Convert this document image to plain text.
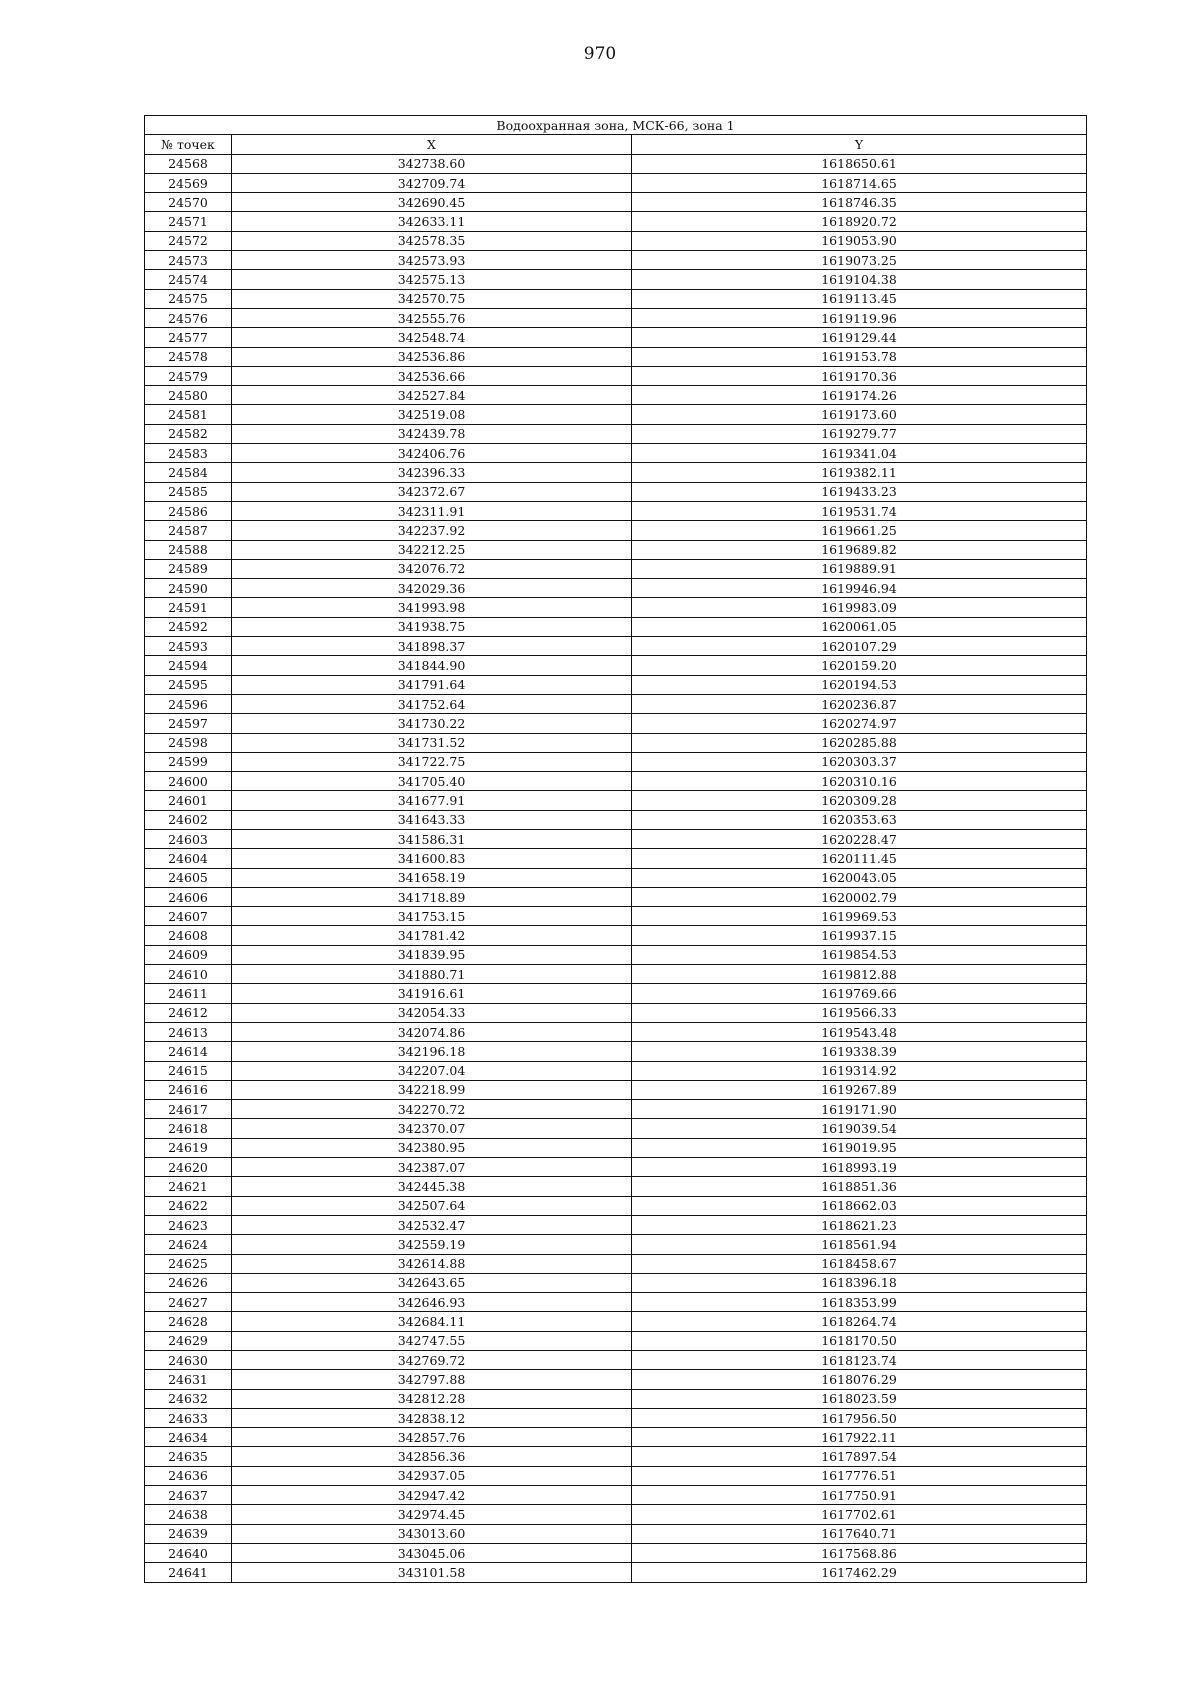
970
Водоохранная зона, МСК-66, зона 1		
№ точек	X	Y
24568	342738.60	1618650.61
24569	342709.74	1618714.65
24570	342690.45	1618746.35
24571	342633.11	1618920.72
24572	342578.35	1619053.90
24573	342573.93	1619073.25
24574	342575.13	1619104.38
24575	342570.75	1619113.45
24576	342555.76	1619119.96
24577	342548.74	1619129.44
24578	342536.86	1619153.78
24579	342536.66	1619170.36
24580	342527.84	1619174.26
24581	342519.08	1619173.60
24582	342439.78	1619279.77
24583	342406.76	1619341.04
24584	342396.33	1619382.11
24585	342372.67	1619433.23
24586	342311.91	1619531.74
24587	342237.92	1619661.25
24588	342212.25	1619689.82
24589	342076.72	1619889.91
24590	342029.36	1619946.94
24591	341993.98	1619983.09
24592	341938.75	1620061.05
24593	341898.37	1620107.29
24594	341844.90	1620159.20
24595	341791.64	1620194.53
24596	341752.64	1620236.87
24597	341730.22	1620274.97
24598	341731.52	1620285.88
24599	341722.75	1620303.37
24600	341705.40	1620310.16
24601	341677.91	1620309.28
24602	341643.33	1620353.63
24603	341586.31	1620228.47
24604	341600.83	1620111.45
24605	341658.19	1620043.05
24606	341718.89	1620002.79
24607	341753.15	1619969.53
24608	341781.42	1619937.15
24609	341839.95	1619854.53
24610	341880.71	1619812.88
24611	341916.61	1619769.66
24612	342054.33	1619566.33
24613	342074.86	1619543.48
24614	342196.18	1619338.39
24615	342207.04	1619314.92
24616	342218.99	1619267.89
24617	342270.72	1619171.90
24618	342370.07	1619039.54
24619	342380.95	1619019.95
24620	342387.07	1618993.19
24621	342445.38	1618851.36
24622	342507.64	1618662.03
24623	342532.47	1618621.23
24624	342559.19	1618561.94
24625	342614.88	1618458.67
24626	342643.65	1618396.18
24627	342646.93	1618353.99
24628	342684.11	1618264.74
24629	342747.55	1618170.50
24630	342769.72	1618123.74
24631	342797.88	1618076.29
24632	342812.28	1618023.59
24633	342838.12	1617956.50
24634	342857.76	1617922.11
24635	342856.36	1617897.54
24636	342937.05	1617776.51
24637	342947.42	1617750.91
24638	342974.45	1617702.61
24639	343013.60	1617640.71
24640	343045.06	1617568.86
24641	343101.58	1617462.29
